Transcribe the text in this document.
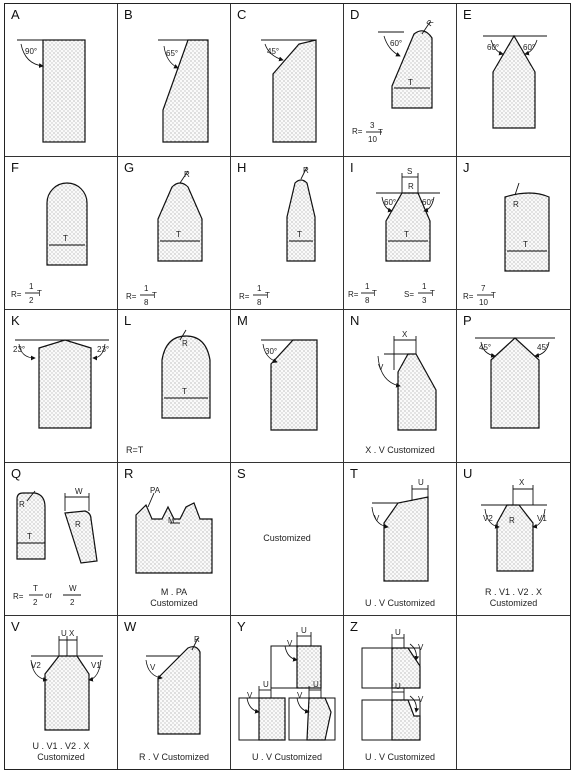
A
90°
B
65°
C
45°
D
60°
R
T
R=
3
10
T
E
60°	60°
F
T
R=
1
2
T
G	R
T
R=
1
8
T
H	R
T
R=
1
8
T
I	S
R
60°	60°
T
R=
1
8
T	S=
1
3
T
J
R
T
R=
7
10
T
K
23°	23°
L
R
T
R=T
M
30°
N
X
V
X . V Customized
P
45°	45°
Q
R
T
W
R
R=
T
2
or
W
2
R
PA
M
M . PA
Customized
S
Customized
T
U
V
U . V Customized
U
X
V2 R	V1
R . V1 . V2 . X
Customized
V	U X
V2	V1
U . V1 . V2 . X
Customized
W
V
R
R . V Customized
Y	U
V
U
V
U
V
U . V Customized
Z	U
V
U
V
U . V Customized
